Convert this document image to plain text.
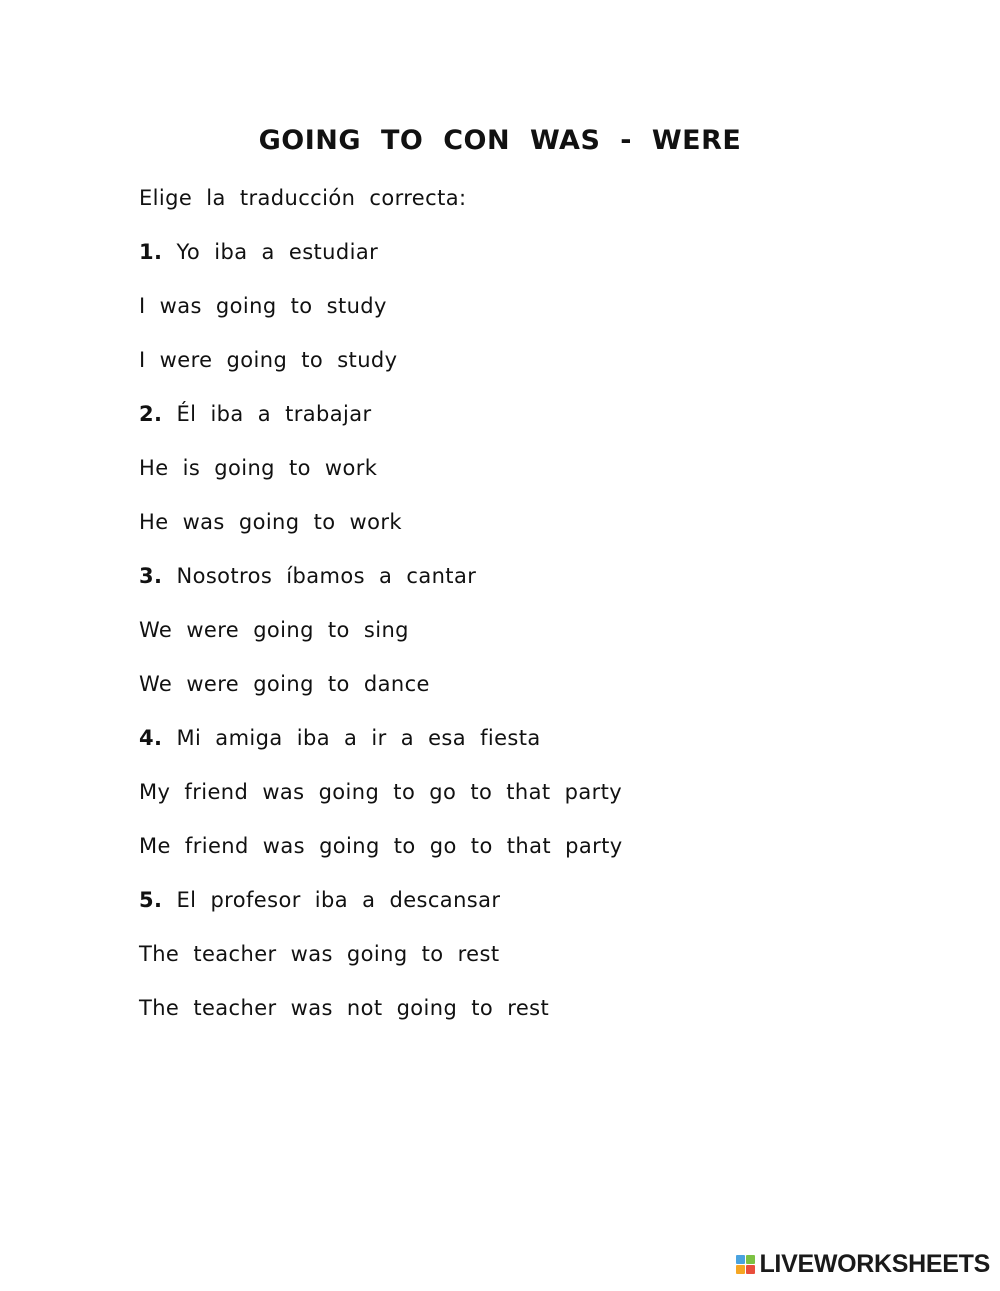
GOING TO CON WAS - WERE
Elige la traducción correcta:
1. Yo iba a estudiar
I was going to study
I were going to study
2. Él iba a trabajar
He is going to work
He was going to work
3. Nosotros íbamos a cantar
We were going to sing
We were going to dance
4. Mi amiga iba a ir a esa fiesta
My friend was going to go to that party
Me friend was going to go to that party
5. El profesor iba a descansar
The teacher was going to rest
The teacher was not going to rest
LIVEWORKSHEETS
